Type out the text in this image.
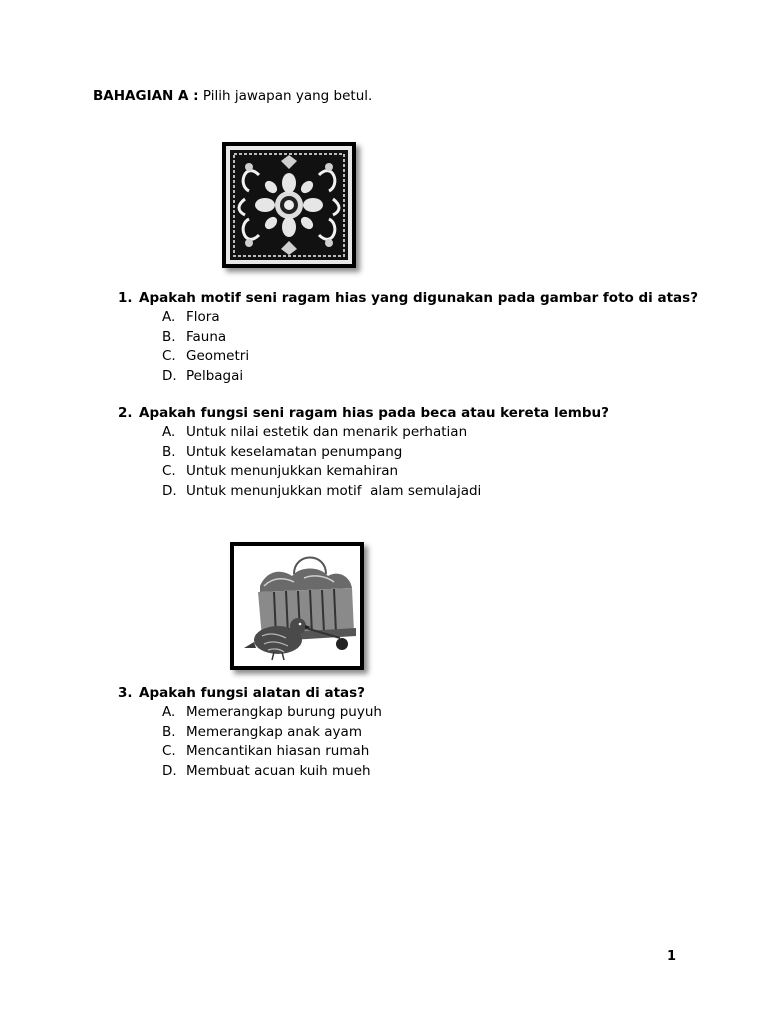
BAHAGIAN A : Pilih jawapan yang betul.
1. Apakah motif seni ragam hias yang digunakan pada gambar foto di atas?
A. Flora
B. Fauna
C. Geometri
D. Pelbagai
2. Apakah fungsi seni ragam hias pada beca atau kereta lembu?
A. Untuk nilai estetik dan menarik perhatian
B. Untuk keselamatan penumpang
C. Untuk menunjukkan kemahiran
D. Untuk menunjukkan motif  alam semulajadi
3. Apakah fungsi alatan di atas?
A. Memerangkap burung puyuh
B. Memerangkap anak ayam
C. Mencantikan hiasan rumah
D. Membuat acuan kuih mueh
1
